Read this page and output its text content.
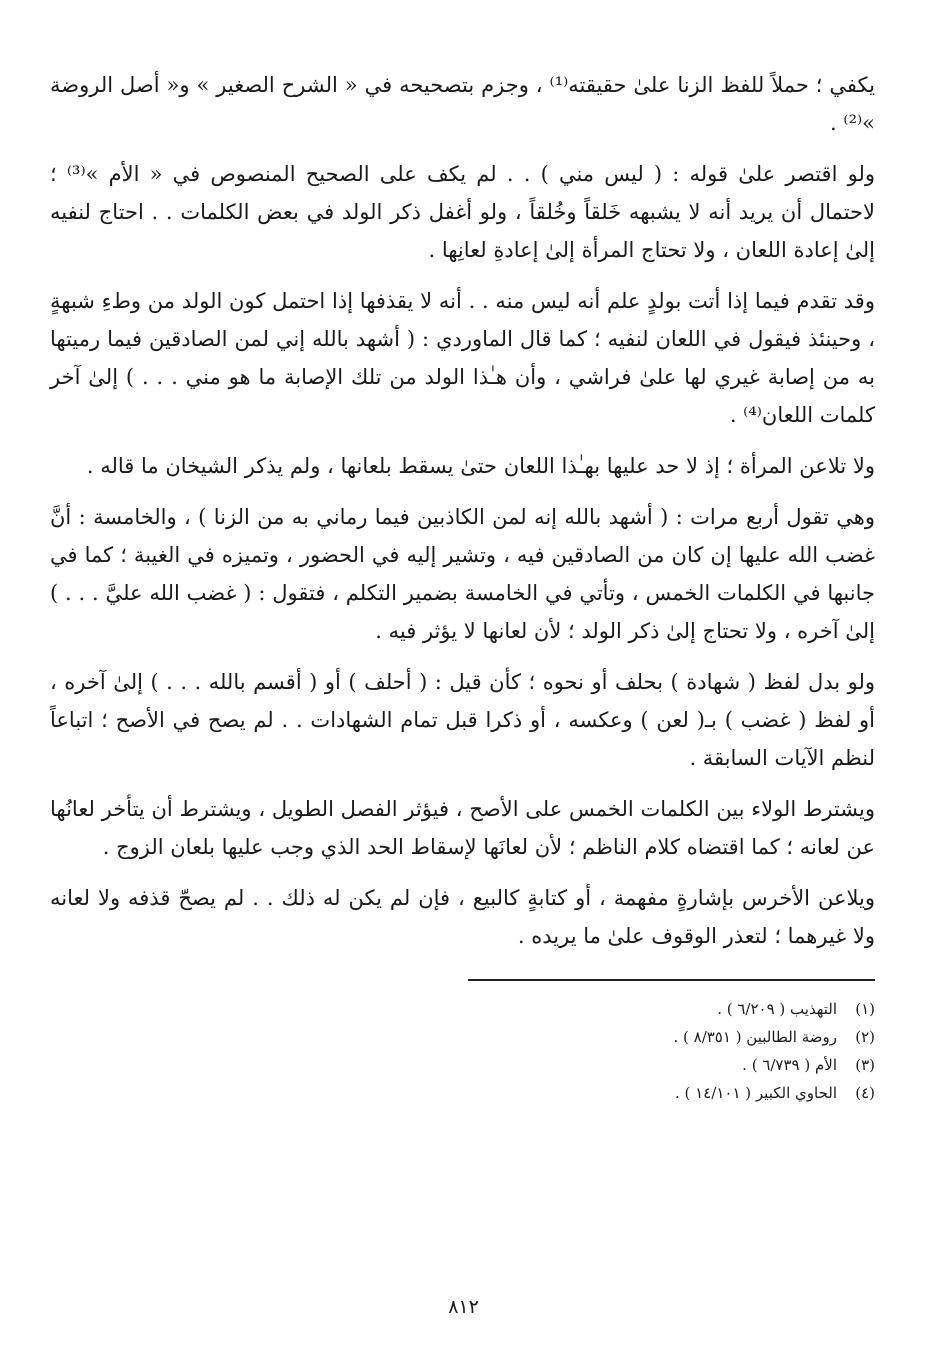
يكفي ؛ حملاً للفظ الزنا علىٰ حقيقته⁽¹⁾ ، وجزم بتصحيحه في « الشرح الصغير » و« أصل الروضة »⁽²⁾ .

ولو اقتصر علىٰ قوله : ( ليس مني ) . . لم يكف على الصحيح المنصوص في « الأم »⁽³⁾ ؛ لاحتمال أن يريد أنه لا يشبهه خَلقاً وخُلقاً ، ولو أغفل ذكر الولد في بعض الكلمات . . احتاج لنفيه إلىٰ إعادة اللعان ، ولا تحتاج المرأة إلىٰ إعادةِ لعانِها .

وقد تقدم فيما إذا أتت بولدٍ علم أنه ليس منه . . أنه لا يقذفها إذا احتمل كون الولد من وطءِ شبهةٍ ، وحينئذ فيقول في اللعان لنفيه ؛ كما قال الماوردي : ( أشهد بالله إني لمن الصادقين فيما رميتها به من إصابة غيري لها علىٰ فراشي ، وأن هـٰذا الولد من تلك الإصابة ما هو مني . . . ) إلىٰ آخر كلمات اللعان⁽⁴⁾ .

ولا تلاعن المرأة ؛ إذ لا حد عليها بهـٰذا اللعان حتىٰ يسقط بلعانها ، ولم يذكر الشيخان ما قاله .

وهي تقول أربع مرات : ( أشهد بالله إنه لمن الكاذبين فيما رماني به من الزنا ) ، والخامسة : أنَّ غضب الله عليها إن كان من الصادقين فيه ، وتشير إليه في الحضور ، وتميزه في الغيبة ؛ كما في جانبها في الكلمات الخمس ، وتأتي في الخامسة بضمير التكلم ، فتقول : ( غضب الله عليَّ . . . ) إلىٰ آخره ، ولا تحتاج إلىٰ ذكر الولد ؛ لأن لعانها لا يؤثر فيه .

ولو بدل لفظ ( شهادة ) بحلف أو نحوه ؛ كأن قيل : ( أحلف ) أو ( أقسم بالله . . . ) إلىٰ آخره ، أو لفظ ( غضب ) بـ( لعن ) وعكسه ، أو ذكرا قبل تمام الشهادات . . لم يصح في الأصح ؛ اتباعاً لنظم الآيات السابقة .

ويشترط الولاء بين الكلمات الخمس على الأصح ، فيؤثر الفصل الطويل ، ويشترط أن يتأخر لعانُها عن لعانه ؛ كما اقتضاه كلام الناظم ؛ لأن لعانَها لإسقاط الحد الذي وجب عليها بلعان الزوج .

ويلاعن الأخرس بإشارةٍ مفهمة ، أو كتابةٍ كالبيع ، فإن لم يكن له ذلك . . لم يصحّ قذفه ولا لعانه ولا غيرهما ؛ لتعذر الوقوف علىٰ ما يريده .

(١)
التهذيب ( ٦/٢٠٩ ) .
(٢)
روضة الطالبين ( ٨/٣٥١ ) .
(٣)
الأم ( ٦/٧٣٩ ) .
(٤)
الحاوي الكبير ( ١٤/١٠١ ) .
٨١٢
